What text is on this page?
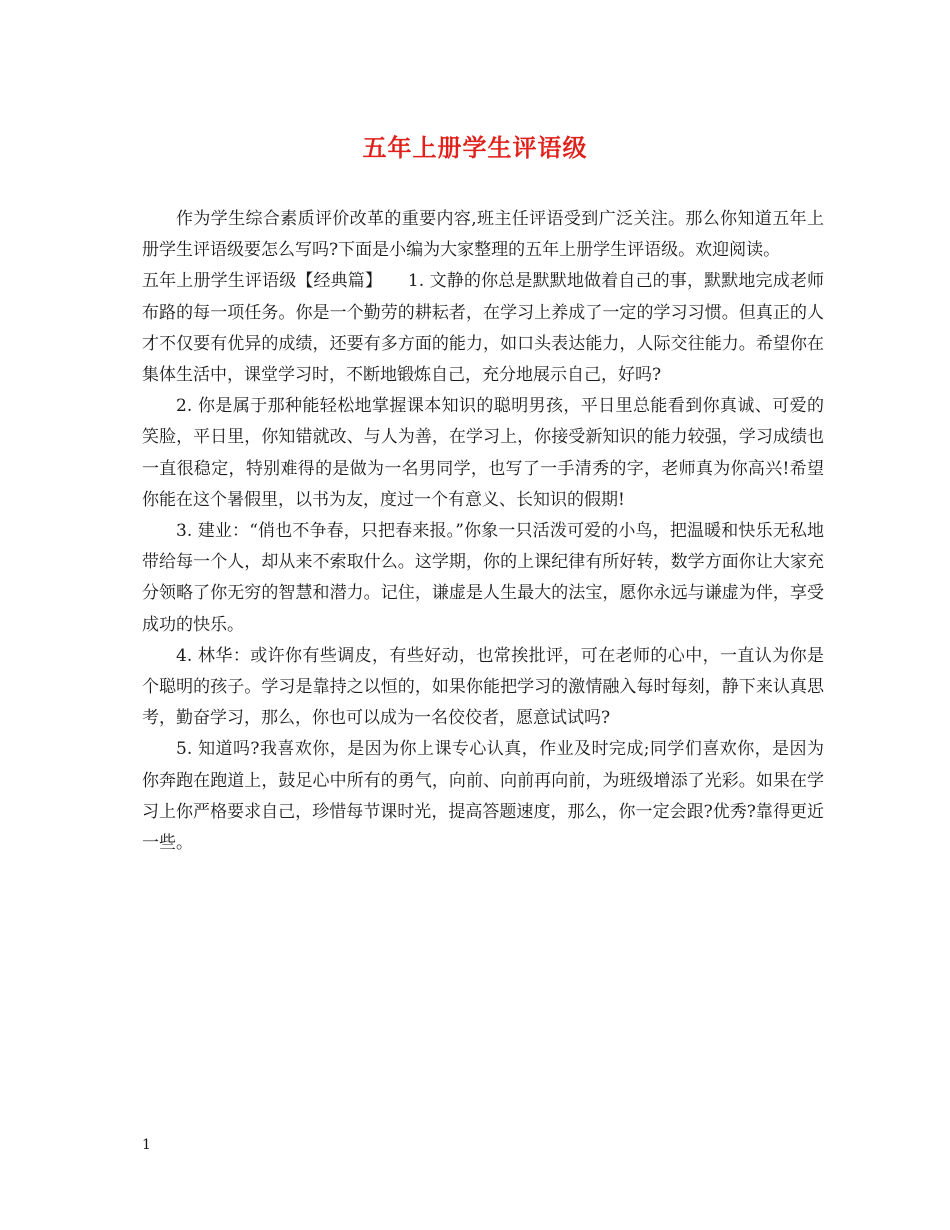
五年上册学生评语级

作为学生综合素质评价改革的重要内容,班主任评语受到广泛关注。那么你知道五年上册学生评语级要怎么写吗?下面是小编为大家整理的五年上册学生评语级。欢迎阅读。

五年上册学生评语级【经典篇】　　1. 文静的你总是默默地做着自己的事，默默地完成老师布路的每一项任务。你是一个勤劳的耕耘者，在学习上养成了一定的学习习惯。但真正的人才不仅要有优异的成绩，还要有多方面的能力，如口头表达能力，人际交往能力。希望你在集体生活中，课堂学习时，不断地锻炼自己，充分地展示自己，好吗?

2. 你是属于那种能轻松地掌握课本知识的聪明男孩，平日里总能看到你真诚、可爱的笑脸，平日里，你知错就改、与人为善，在学习上，你接受新知识的能力较强，学习成绩也一直很稳定，特别难得的是做为一名男同学，也写了一手清秀的字，老师真为你高兴!希望你能在这个暑假里，以书为友，度过一个有意义、长知识的假期!

3. 建业：“俏也不争春，只把春来报。”你象一只活泼可爱的小鸟，把温暖和快乐无私地带给每一个人，却从来不索取什么。这学期，你的上课纪律有所好转，数学方面你让大家充分领略了你无穷的智慧和潜力。记住，谦虚是人生最大的法宝，愿你永远与谦虚为伴，享受成功的快乐。

4. 林华：或许你有些调皮，有些好动，也常挨批评，可在老师的心中，一直认为你是个聪明的孩子。学习是靠持之以恒的，如果你能把学习的激情融入每时每刻，静下来认真思考，勤奋学习，那么，你也可以成为一名佼佼者，愿意试试吗?

5. 知道吗?我喜欢你，是因为你上课专心认真，作业及时完成;同学们喜欢你，是因为你奔跑在跑道上，鼓足心中所有的勇气，向前、向前再向前，为班级增添了光彩。如果在学习上你严格要求自己，珍惜每节课时光，提高答题速度，那么，你一定会跟?优秀?靠得更近一些。

1
